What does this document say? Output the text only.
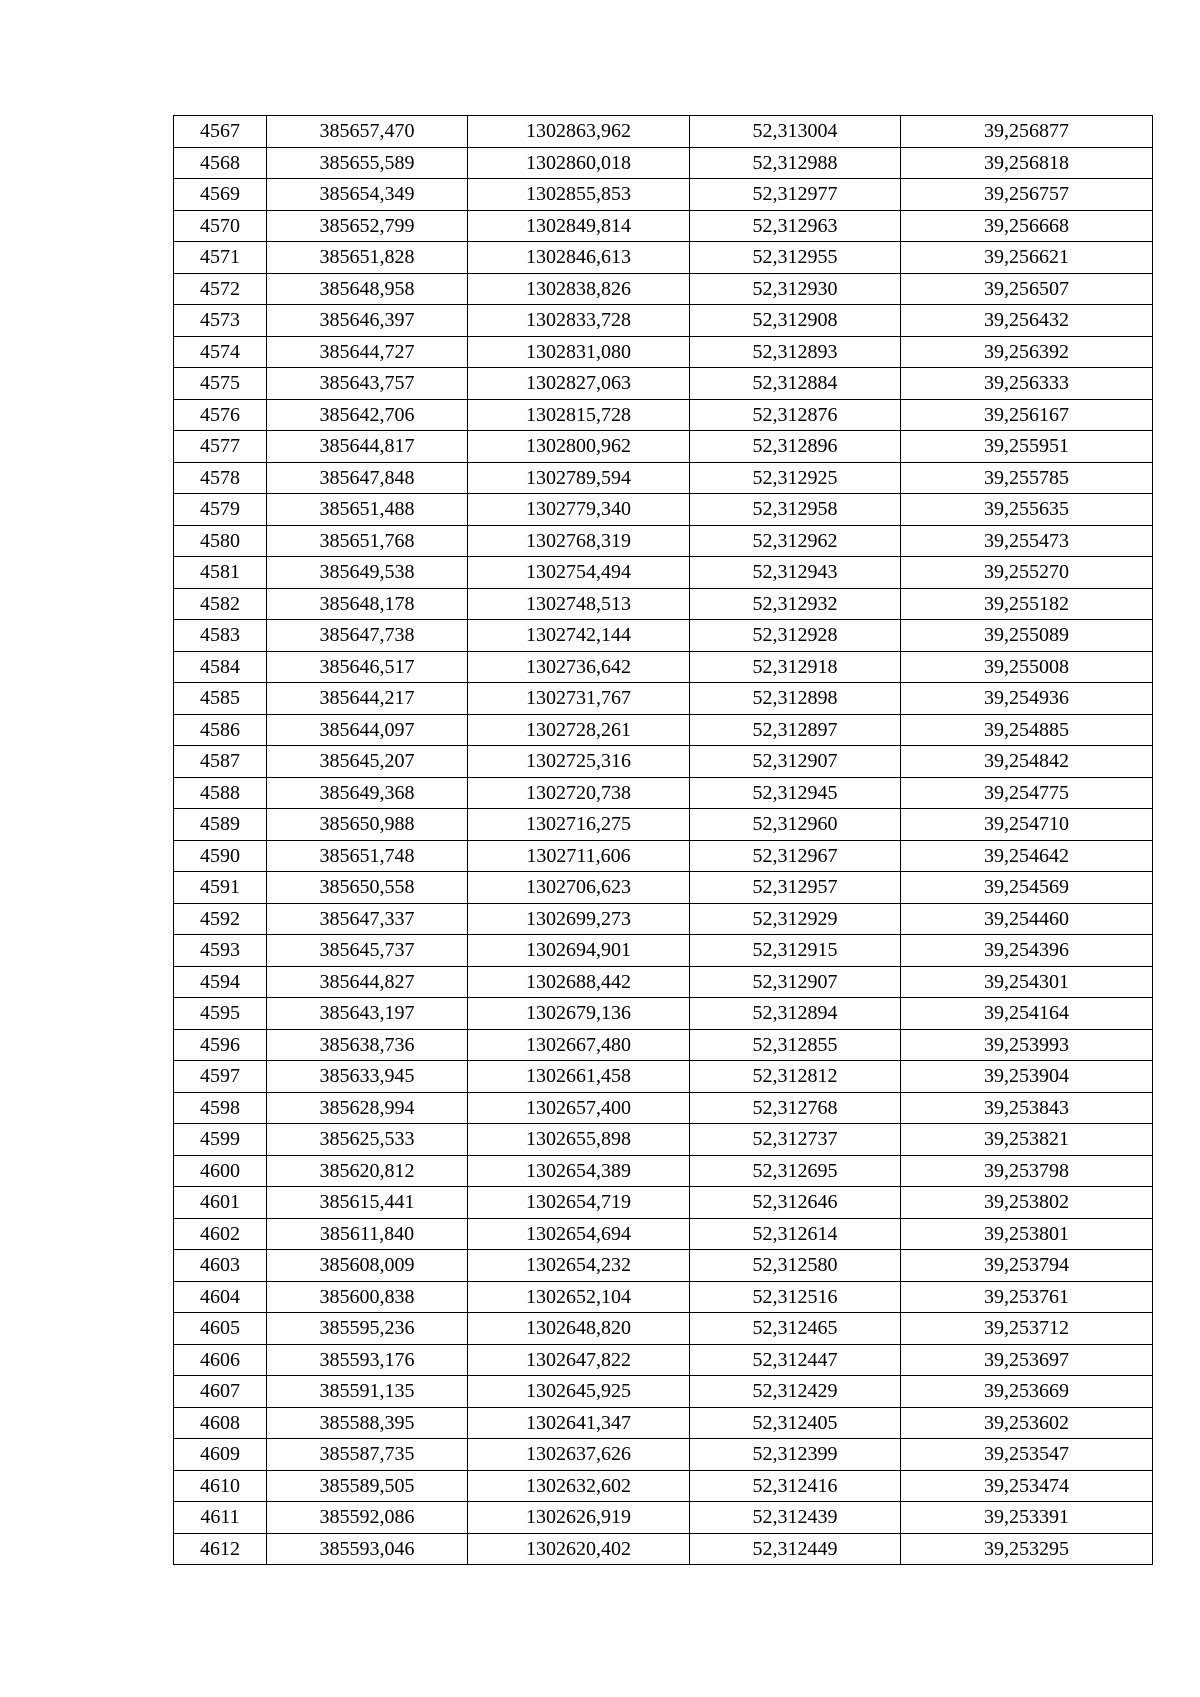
4567	385657,470	1302863,962	52,313004	39,256877
4568	385655,589	1302860,018	52,312988	39,256818
4569	385654,349	1302855,853	52,312977	39,256757
4570	385652,799	1302849,814	52,312963	39,256668
4571	385651,828	1302846,613	52,312955	39,256621
4572	385648,958	1302838,826	52,312930	39,256507
4573	385646,397	1302833,728	52,312908	39,256432
4574	385644,727	1302831,080	52,312893	39,256392
4575	385643,757	1302827,063	52,312884	39,256333
4576	385642,706	1302815,728	52,312876	39,256167
4577	385644,817	1302800,962	52,312896	39,255951
4578	385647,848	1302789,594	52,312925	39,255785
4579	385651,488	1302779,340	52,312958	39,255635
4580	385651,768	1302768,319	52,312962	39,255473
4581	385649,538	1302754,494	52,312943	39,255270
4582	385648,178	1302748,513	52,312932	39,255182
4583	385647,738	1302742,144	52,312928	39,255089
4584	385646,517	1302736,642	52,312918	39,255008
4585	385644,217	1302731,767	52,312898	39,254936
4586	385644,097	1302728,261	52,312897	39,254885
4587	385645,207	1302725,316	52,312907	39,254842
4588	385649,368	1302720,738	52,312945	39,254775
4589	385650,988	1302716,275	52,312960	39,254710
4590	385651,748	1302711,606	52,312967	39,254642
4591	385650,558	1302706,623	52,312957	39,254569
4592	385647,337	1302699,273	52,312929	39,254460
4593	385645,737	1302694,901	52,312915	39,254396
4594	385644,827	1302688,442	52,312907	39,254301
4595	385643,197	1302679,136	52,312894	39,254164
4596	385638,736	1302667,480	52,312855	39,253993
4597	385633,945	1302661,458	52,312812	39,253904
4598	385628,994	1302657,400	52,312768	39,253843
4599	385625,533	1302655,898	52,312737	39,253821
4600	385620,812	1302654,389	52,312695	39,253798
4601	385615,441	1302654,719	52,312646	39,253802
4602	385611,840	1302654,694	52,312614	39,253801
4603	385608,009	1302654,232	52,312580	39,253794
4604	385600,838	1302652,104	52,312516	39,253761
4605	385595,236	1302648,820	52,312465	39,253712
4606	385593,176	1302647,822	52,312447	39,253697
4607	385591,135	1302645,925	52,312429	39,253669
4608	385588,395	1302641,347	52,312405	39,253602
4609	385587,735	1302637,626	52,312399	39,253547
4610	385589,505	1302632,602	52,312416	39,253474
4611	385592,086	1302626,919	52,312439	39,253391
4612	385593,046	1302620,402	52,312449	39,253295
